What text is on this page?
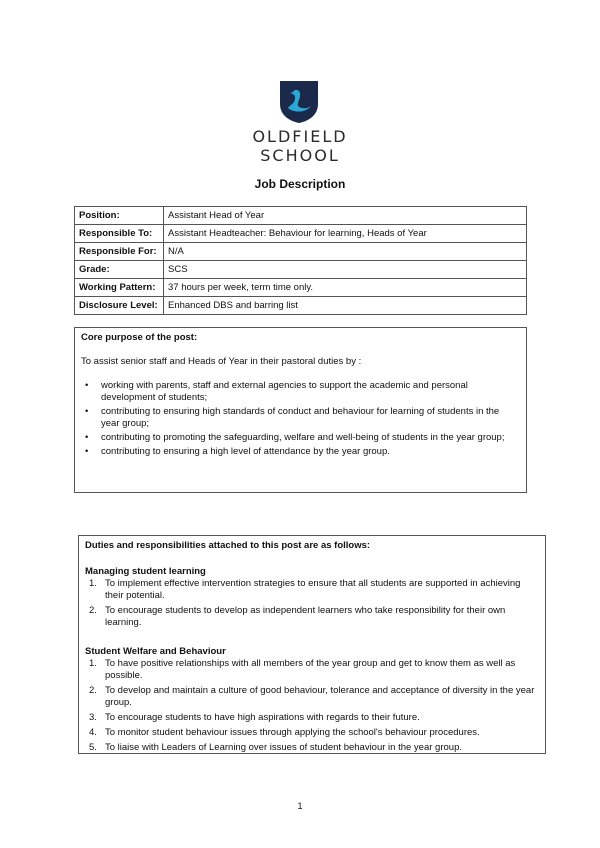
OLDFIELD
SCHOOL
Job Description
Position:	Assistant Head of Year
Responsible To:	Assistant Headteacher: Behaviour for learning, Heads of Year
Responsible For:	N/A
Grade:	SCS
Working Pattern:	37 hours per week, term time only.
Disclosure Level:	Enhanced DBS and barring list
Core purpose of the post:
To assist senior staff and Heads of Year in their pastoral duties by :
• working with parents, staff and external agencies to support the academic and personal development of students;
• contributing to ensuring high standards of conduct and behaviour for learning of students in the year group;
• contributing to promoting the safeguarding, welfare and well-being of students in the year group;
• contributing to ensuring a high level of attendance by the year group.
Duties and responsibilities attached to this post are as follows:
Managing student learning
1. To implement effective intervention strategies to ensure that all students are supported in achieving their potential.
2. To encourage students to develop as independent learners who take responsibility for their own learning.
Student Welfare and Behaviour
1. To have positive relationships with all members of the year group and get to know them as well as possible.
2. To develop and maintain a culture of good behaviour, tolerance and acceptance of diversity in the year group.
3. To encourage students to have high aspirations with regards to their future.
4. To monitor student behaviour issues through applying the school's behaviour procedures.
5. To liaise with Leaders of Learning over issues of student behaviour in the year group.
1
